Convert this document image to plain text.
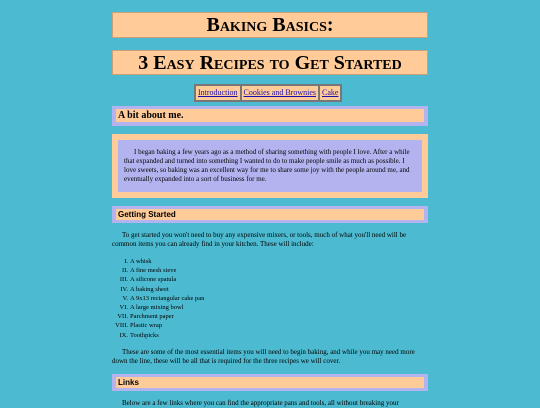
Baking Basics:
3 Easy Recipes to Get Started
Introduction Cookies and Brownies Cake
A bit about me.
I began baking a few years ago as a method of sharing something with people I love. After a while that expanded and turned into something I wanted to do to make people smile as much as possible. I love sweets, so baking was an excellent way for me to share some joy with the people around me, and eventually expanded into a sort of business for me.
Getting Started
To get started you won't need to buy any expensive mixers, or tools, much of what you'll need will be common items you can already find in your kitchen. These will include:
I. A whisk
II. A fine mesh sieve
III. A silicone spatula
IV. A baking sheet
V. A 9x13 rectangular cake pan
VI. A large mixing bowl
VII. Parchment paper
VIII. Plastic wrap
IX. Toothpicks
These are some of the most essential items you will need to begin baking, and while you may need more down the line, these will be all that is required for the three recipes we will cover.
Links
Below are a few links where you can find the appropriate pans and tools, all without breaking your
